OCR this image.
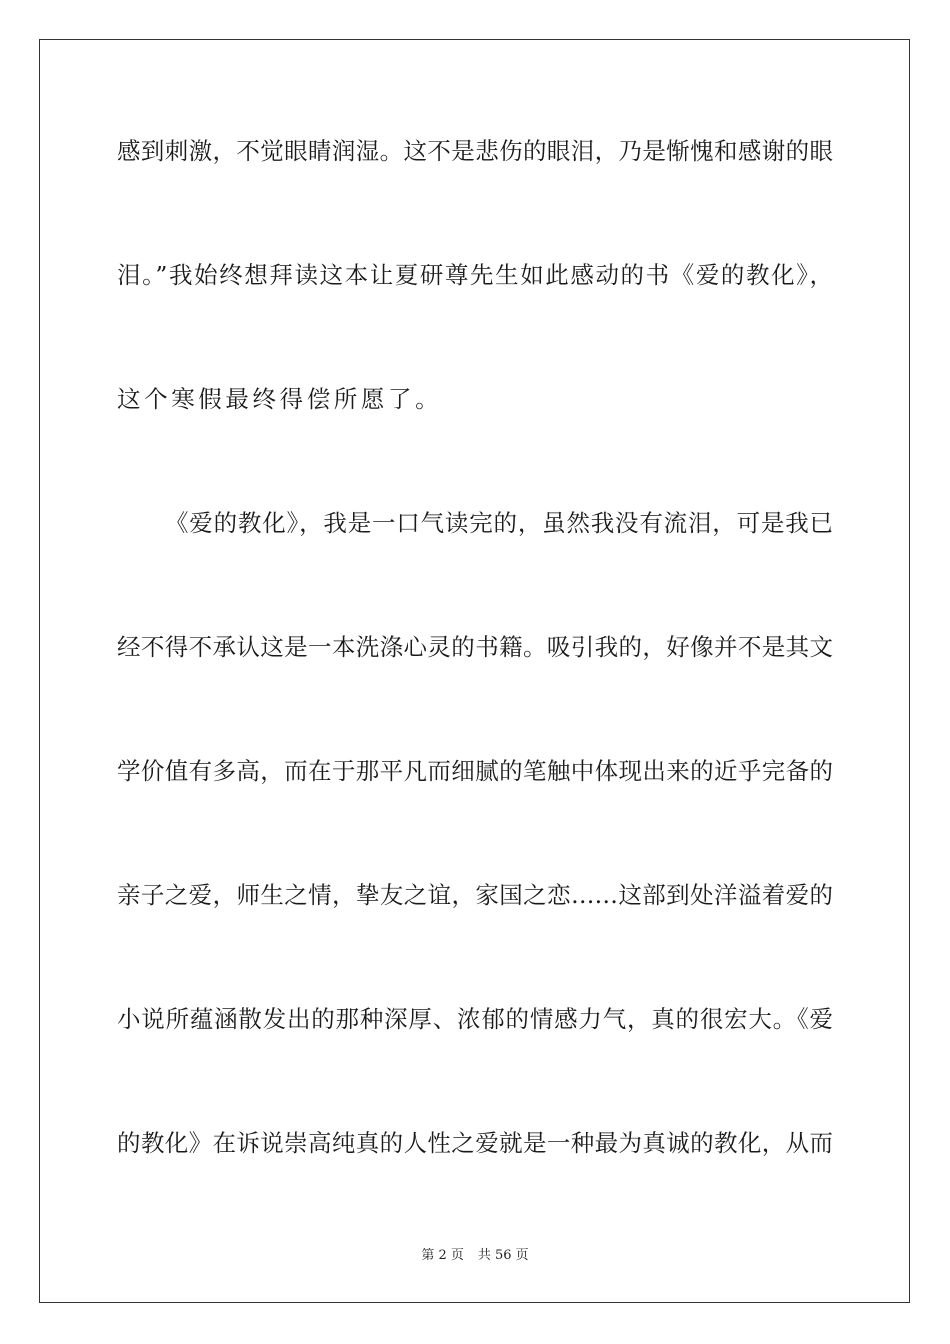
感到刺激，不觉眼睛润湿。这不是悲伤的眼泪，乃是惭愧和感谢的眼
泪。”我始终想拜读这本让夏研尊先生如此感动的书《爱的教化》，
这个寒假最终得偿所愿了。
《爱的教化》，我是一口气读完的，虽然我没有流泪，可是我已
经不得不承认这是一本洗涤心灵的书籍。吸引我的，好像并不是其文
学价值有多高，而在于那平凡而细腻的笔触中体现出来的近乎完备的
亲子之爱，师生之情，挚友之谊，家国之恋……这部到处洋溢着爱的
小说所蕴涵散发出的那种深厚、浓郁的情感力气，真的很宏大。《爱
的教化》在诉说崇高纯真的人性之爱就是一种最为真诚的教化，从而
第 2 页 共 56 页
